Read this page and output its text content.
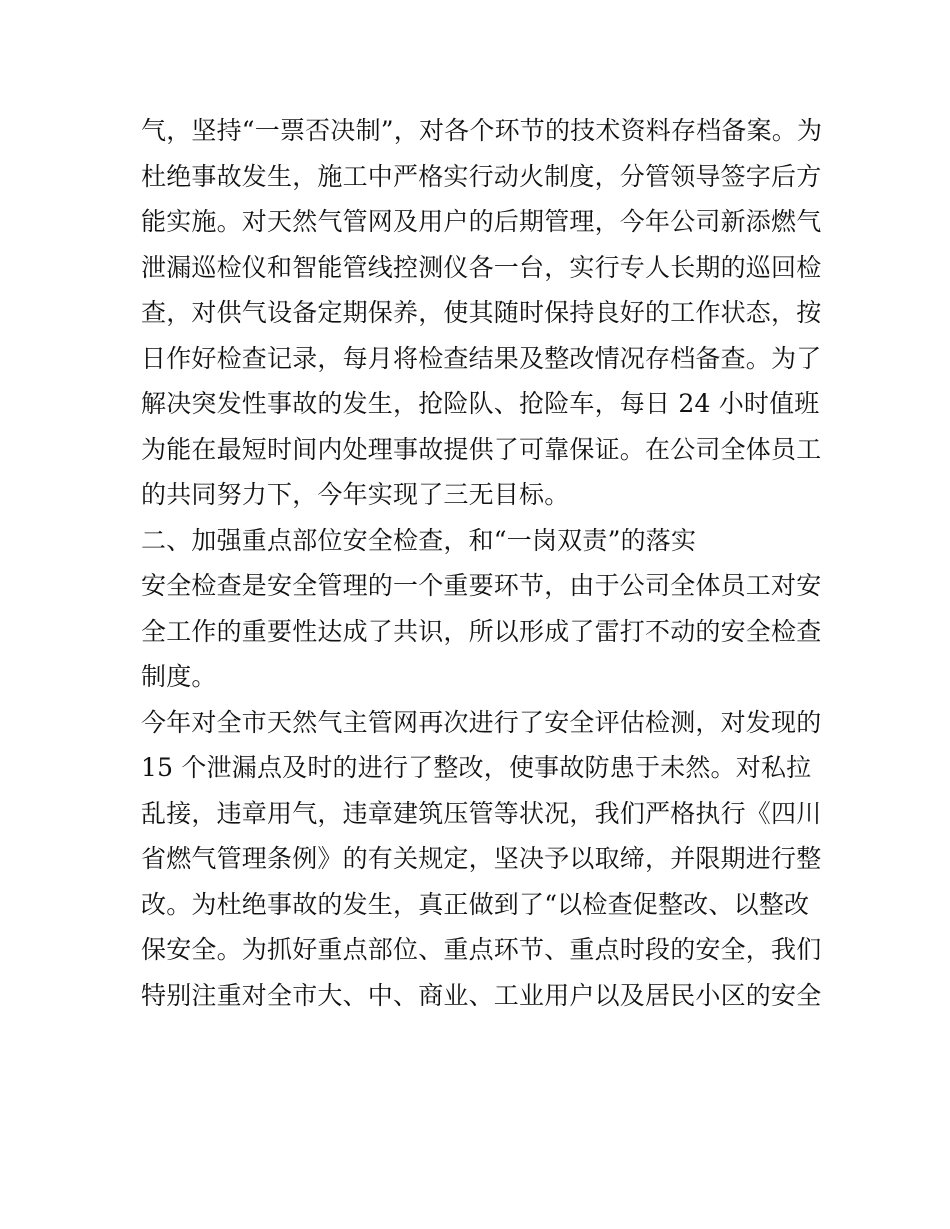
气，坚持“一票否决制”，对各个环节的技术资料存档备案。为
杜绝事故发生，施工中严格实行动火制度，分管领导签字后方
能实施。对天然气管网及用户的后期管理，今年公司新添燃气
泄漏巡检仪和智能管线控测仪各一台，实行专人长期的巡回检
查，对供气设备定期保养，使其随时保持良好的工作状态，按
日作好检查记录，每月将检查结果及整改情况存档备查。为了
解决突发性事故的发生，抢险队、抢险车，每日 24 小时值班
为能在最短时间内处理事故提供了可靠保证。在公司全体员工
的共同努力下，今年实现了三无目标。
二、加强重点部位安全检查，和“一岗双责”的落实
安全检查是安全管理的一个重要环节，由于公司全体员工对安
全工作的重要性达成了共识，所以形成了雷打不动的安全检查
制度。
今年对全市天然气主管网再次进行了安全评估检测，对发现的
15 个泄漏点及时的进行了整改，使事故防患于未然。对私拉
乱接，违章用气，违章建筑压管等状况，我们严格执行《四川
省燃气管理条例》的有关规定，坚决予以取缔，并限期进行整
改。为杜绝事故的发生，真正做到了“以检查促整改、以整改
保安全。为抓好重点部位、重点环节、重点时段的安全，我们
特别注重对全市大、中、商业、工业用户以及居民小区的安全
